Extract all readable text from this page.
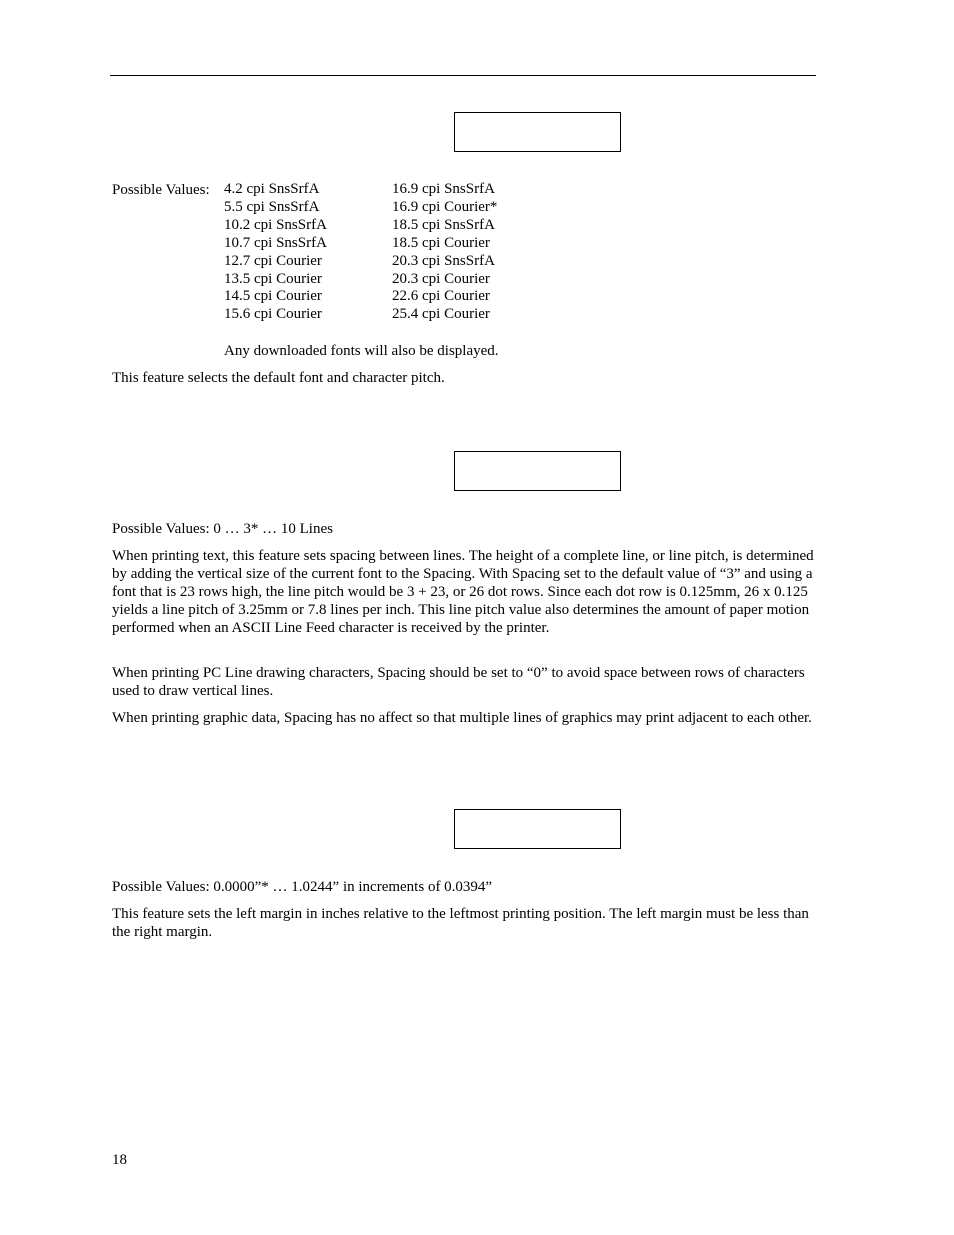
Possible Values: 4.2 cpi SnsSrfA
5.5 cpi SnsSrfA
10.2 cpi SnsSrfA
10.7 cpi SnsSrfA
12.7 cpi Courier
13.5 cpi Courier
14.5 cpi Courier
15.6 cpi Courier
16.9 cpi SnsSrfA
16.9 cpi Courier*
18.5 cpi SnsSrfA
18.5 cpi Courier
20.3 cpi SnsSrfA
20.3 cpi Courier
22.6 cpi Courier
25.4 cpi Courier
Any downloaded fonts will also be displayed.
This feature selects the default font and character pitch.
Possible Values: 0 … 3* … 10 Lines

When printing text, this feature sets spacing between lines. The height of a complete line, or line pitch, is determined by adding the vertical size of the current font to the Spacing. With Spacing set to the default value of “3” and using a font that is 23 rows high, the line pitch would be 3 + 23, or 26 dot rows. Since each dot row is 0.125mm, 26 x 0.125 yields a line pitch of 3.25mm or 7.8 lines per inch. This line pitch value also determines the amount of paper motion performed when an ASCII Line Feed character is received by the printer.

When printing PC Line drawing characters, Spacing should be set to “0” to avoid space between rows of characters used to draw vertical lines.

When printing graphic data, Spacing has no affect so that multiple lines of graphics may print adjacent to each other.

Possible Values: 0.0000”* … 1.0244” in increments of 0.0394”

This feature sets the left margin in inches relative to the leftmost printing position. The left margin must be less than the right margin.

18
